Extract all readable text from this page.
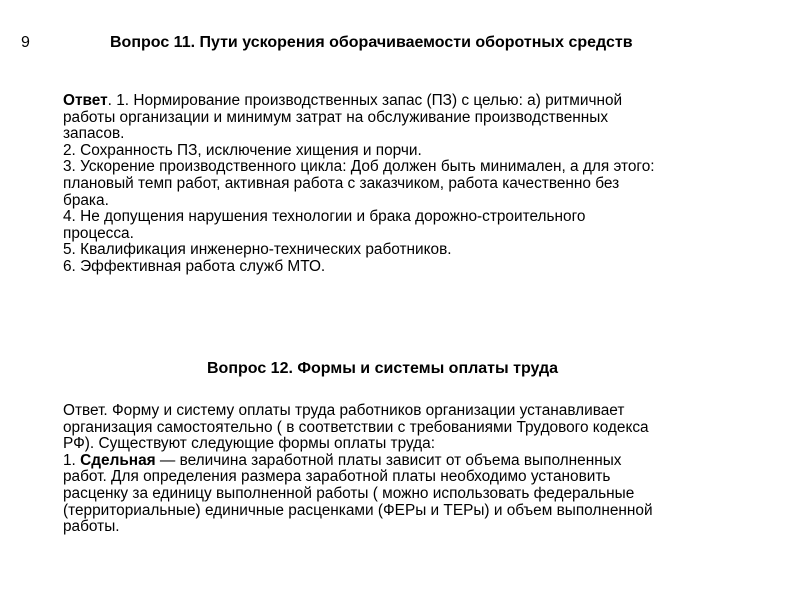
9	Вопрос 11. Пути ускорения оборачиваемости оборотных средств
Ответ. 1. Нормирование производственных запас (ПЗ) с целью: а) ритмичной
работы организации и минимум затрат на обслуживание производственных
запасов.
2. Сохранность ПЗ, исключение хищения и порчи.
3. Ускорение производственного цикла: Доб должен быть минимален, а для этого:
плановый темп работ, активная работа с заказчиком, работа качественно без
брака.
4. Не допущения нарушения технологии и брака дорожно-строительного
процесса.
5. Квалификация инженерно-технических работников.
6. Эффективная работа служб МТО.
Вопрос 12. Формы и системы оплаты труда
Ответ. Форму и систему оплаты труда работников организации устанавливает
организация самостоятельно ( в соответствии с требованиями Трудового кодекса
РФ). Существуют следующие формы оплаты труда:
1. Сдельная — величина заработной платы зависит от объема выполненных
работ. Для определения размера заработной платы необходимо установить
расценку за единицу выполненной работы ( можно использовать федеральные
(территориальные) единичные расценками (ФЕРы и ТЕРы) и объем выполненной
работы.
